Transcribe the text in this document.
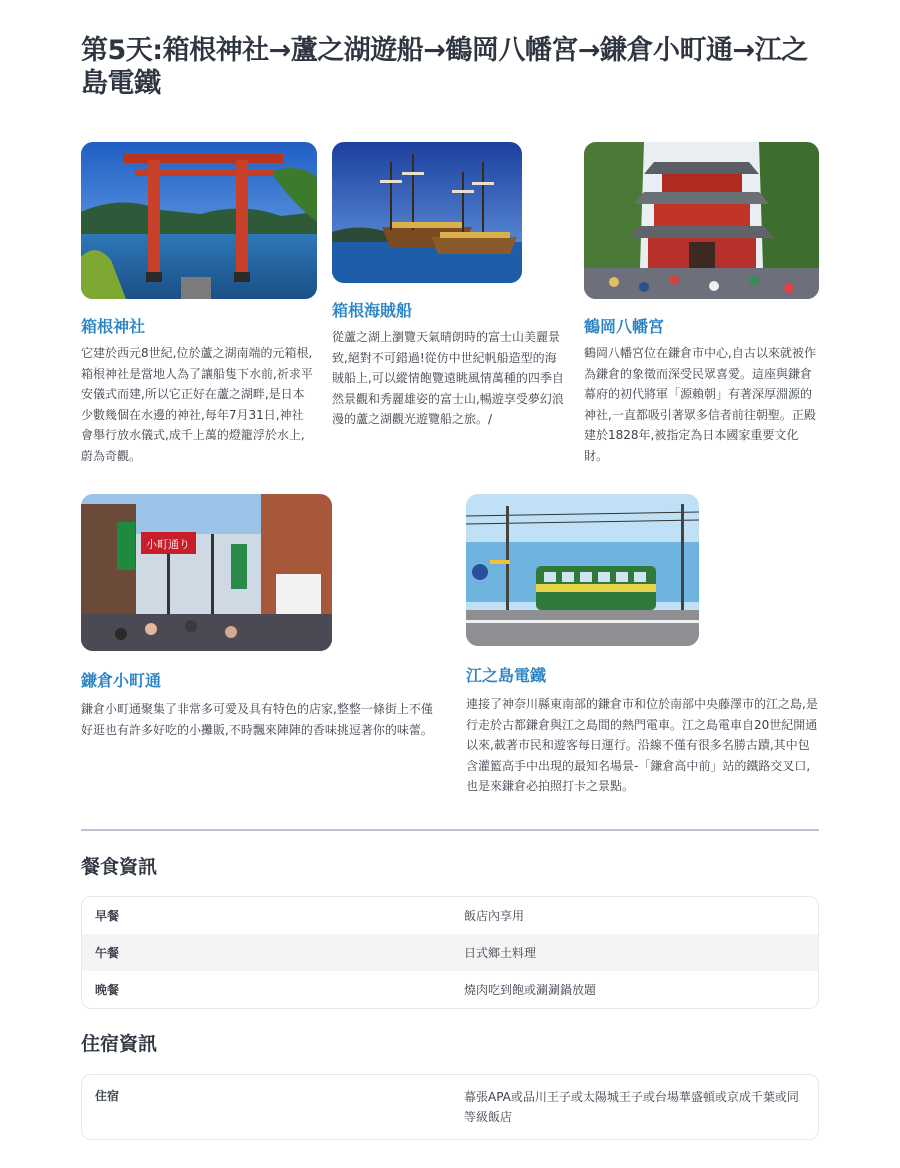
第5天:箱根神社→蘆之湖遊船→鶴岡八幡宮→鎌倉小町通→江之島電鐵
箱根神社
它建於西元8世紀,位於蘆之湖南端的元箱根,箱根神社是當地人為了讓船隻下水前,祈求平安儀式而建,所以它正好在蘆之湖畔,是日本少數幾個在水邊的神社,每年7月31日,神社會舉行放水儀式,成千上萬的燈籠浮於水上,蔚為奇觀。
箱根海賊船
從蘆之湖上瀏覽天氣晴朗時的富士山美麗景致,絕對不可錯過!從仿中世紀帆船造型的海賊船上,可以縱情飽覽遠眺風情萬種的四季自然景觀和秀麗雄姿的富士山,暢遊享受夢幻浪漫的蘆之湖觀光遊覽船之旅。/
鶴岡八幡宮
鶴岡八幡宮位在鎌倉市中心,自古以來就被作為鎌倉的象徵而深受民眾喜愛。這座與鎌倉幕府的初代將軍「源賴朝」有著深厚淵源的神社,一直都吸引著眾多信者前往朝聖。正殿建於1828年,被指定為日本國家重要文化財。
小町通り
鎌倉小町通
鎌倉小町通聚集了非常多可愛及具有特色的店家,整整一條街上不僅好逛也有許多好吃的小攤販,不時飄來陣陣的香味挑逗著你的味蕾。
江之島電鐵
連接了神奈川縣東南部的鎌倉市和位於南部中央藤澤市的江之島,是行走於古都鎌倉與江之島間的熱門電車。江之島電車自20世紀開通以來,載著市民和遊客每日運行。沿線不僅有很多名勝古蹟,其中包含灌籃高手中出現的最知名場景-「鎌倉高中前」站的鐵路交叉口,也是來鎌倉必拍照打卡之景點。
餐食資訊
早餐	飯店內享用
午餐	日式鄉土料理
晚餐	燒肉吃到飽或涮涮鍋放題
住宿資訊
住宿	幕張APA或品川王子或太陽城王子或台場華盛頓或京成千葉或同等級飯店
